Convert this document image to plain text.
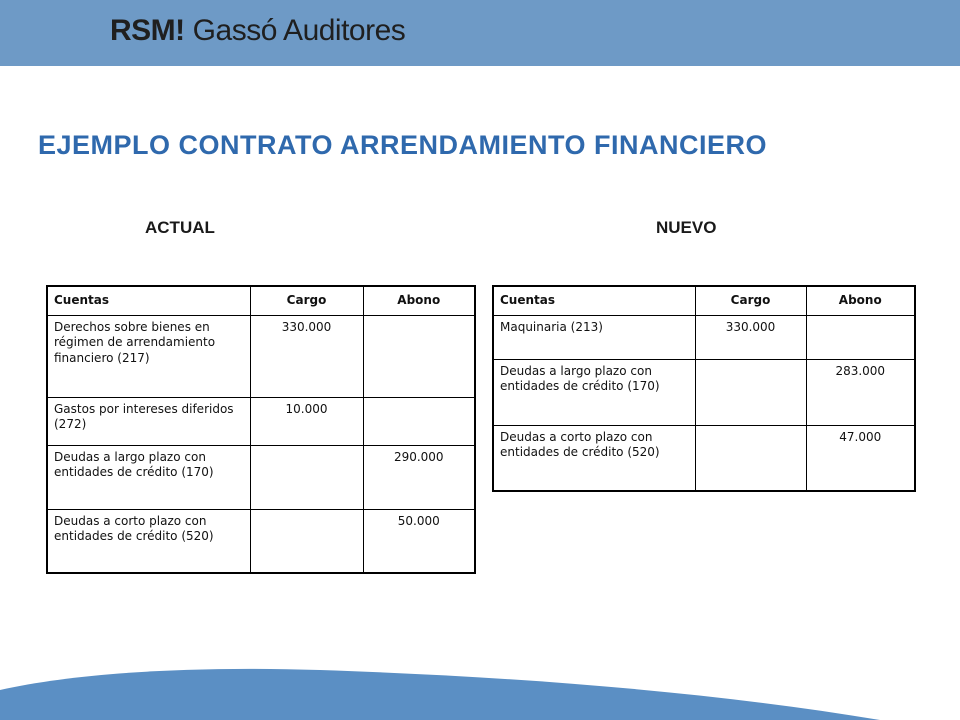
RSM ! Gassó Auditores
EJEMPLO CONTRATO ARRENDAMIENTO FINANCIERO
ACTUAL	NUEVO
Cuentas	Cargo	Abono
Derechos sobre bienes en régimen de arrendamiento financiero (217)	330.000	
Gastos por intereses diferidos (272)	10.000	
Deudas a largo plazo con entidades de crédito (170)		290.000
Deudas a corto plazo con entidades de crédito (520)		50.000
Cuentas	Cargo	Abono
Maquinaria (213)	330.000	
Deudas a largo plazo con entidades de crédito (170)		283.000
Deudas a corto plazo con entidades de crédito (520)		47.000
